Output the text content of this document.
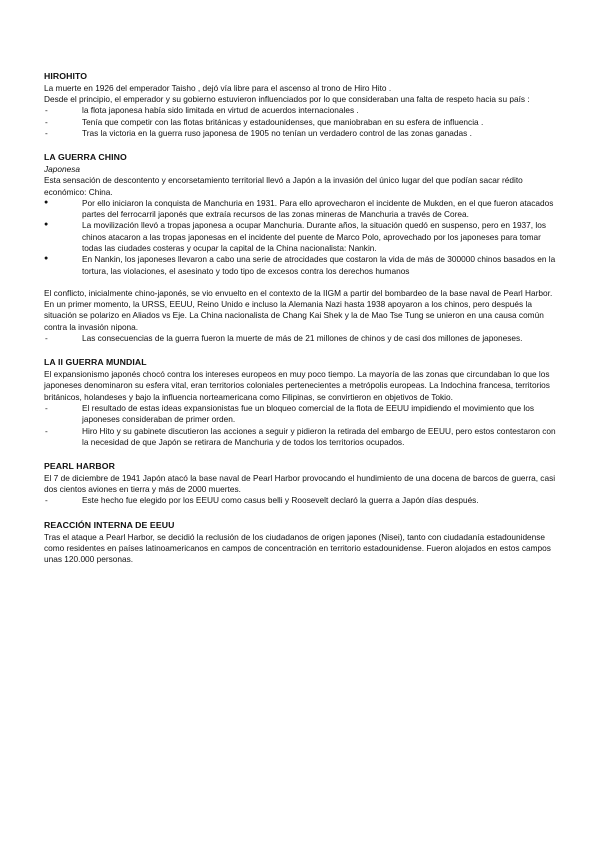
HIROHITO

La muerte en 1926 del emperador Taisho , dejó vía libre para el ascenso al trono de Hiro Hito .

Desde el principio, el emperador y su gobierno estuvieron influenciados por lo que consideraban una falta de respeto hacia su país :

-	la flota japonesa había sido limitada en virtud de acuerdos internacionales .
-	Tenía que competir con las flotas británicas y estadounidenses, que maniobraban en su esfera de influencia .
-	Tras la victoria en la guerra ruso japonesa de 1905 no tenían un verdadero control de las zonas ganadas .

LA GUERRA CHINO

Japonesa

Esta sensación de descontento y encorsetamiento territorial llevó a Japón a la invasión del único lugar del que podían sacar rédito económico: China.

●	Por ello iniciaron la conquista de Manchuria en 1931. Para ello aprovecharon el incidente de Mukden, en el que fueron atacados partes del ferrocarril japonés que extraía recursos de las zonas mineras de Manchuria a través de Corea.
●	La movilización llevó a tropas japonesa a ocupar Manchuria. Durante años, la situación quedó en suspenso, pero en 1937, los chinos atacaron a las tropas japonesas en el incidente del puente de Marco Polo, aprovechado por los japoneses para tomar todas las ciudades costeras y ocupar la capital de la China nacionalista: Nankin.
●	En Nankin, los japoneses llevaron a cabo una serie de atrocidades que costaron la vida de más de 300000 chinos basados en la tortura, las violaciones, el asesinato y todo tipo de excesos contra los derechos humanos

El conflicto, inicialmente chino-japonés, se vio envuelto en el contexto de la IIGM a partir del bombardeo de la base naval de Pearl Harbor. En un primer momento, la URSS, EEUU, Reino Unido e incluso la Alemania Nazi hasta 1938 apoyaron a los chinos, pero después la situación se polarizo en Aliados vs Eje. La China nacionalista de Chang Kai Shek y la de Mao Tse Tung se unieron en una causa común contra la invasión nipona.

-	Las consecuencias de la guerra fueron la muerte de más de 21 millones de chinos y de casi dos millones de japoneses.

LA II GUERRA MUNDIAL

El expansionismo japonés chocó contra los intereses europeos en muy poco tiempo. La mayoría de las zonas que circundaban lo que los japoneses denominaron su esfera vital, eran territorios coloniales pertenecientes a metrópolis europeas. La Indochina francesa, territorios británicos, holandeses y bajo la influencia norteamericana como Filipinas, se convirtieron en objetivos de Tokio.

-	El resultado de estas ideas expansionistas fue un bloqueo comercial de la flota de EEUU impidiendo el movimiento que los japoneses consideraban de primer orden.
-	Hiro Hito y su gabinete discutieron las acciones a seguir y pidieron la retirada del embargo de EEUU, pero estos contestaron con la necesidad de que Japón se retirara de Manchuria y de todos los territorios ocupados.

PEARL HARBOR

El 7 de diciembre de 1941 Japón atacó la base naval de Pearl Harbor provocando el hundimiento de una docena de barcos de guerra, casi dos cientos aviones en tierra y más de 2000 muertes.

-	Este hecho fue elegido por los EEUU como casus belli y Roosevelt declaró la guerra a Japón días después.

REACCIÓN INTERNA DE EEUU

Tras el ataque a Pearl Harbor, se decidió la reclusión de los ciudadanos de origen japones (Nisei), tanto con ciudadanía estadounidense como residentes en países latinoamericanos en campos de concentración en territorio estadounidense. Fueron alojados en estos campos unas 120.000 personas.
